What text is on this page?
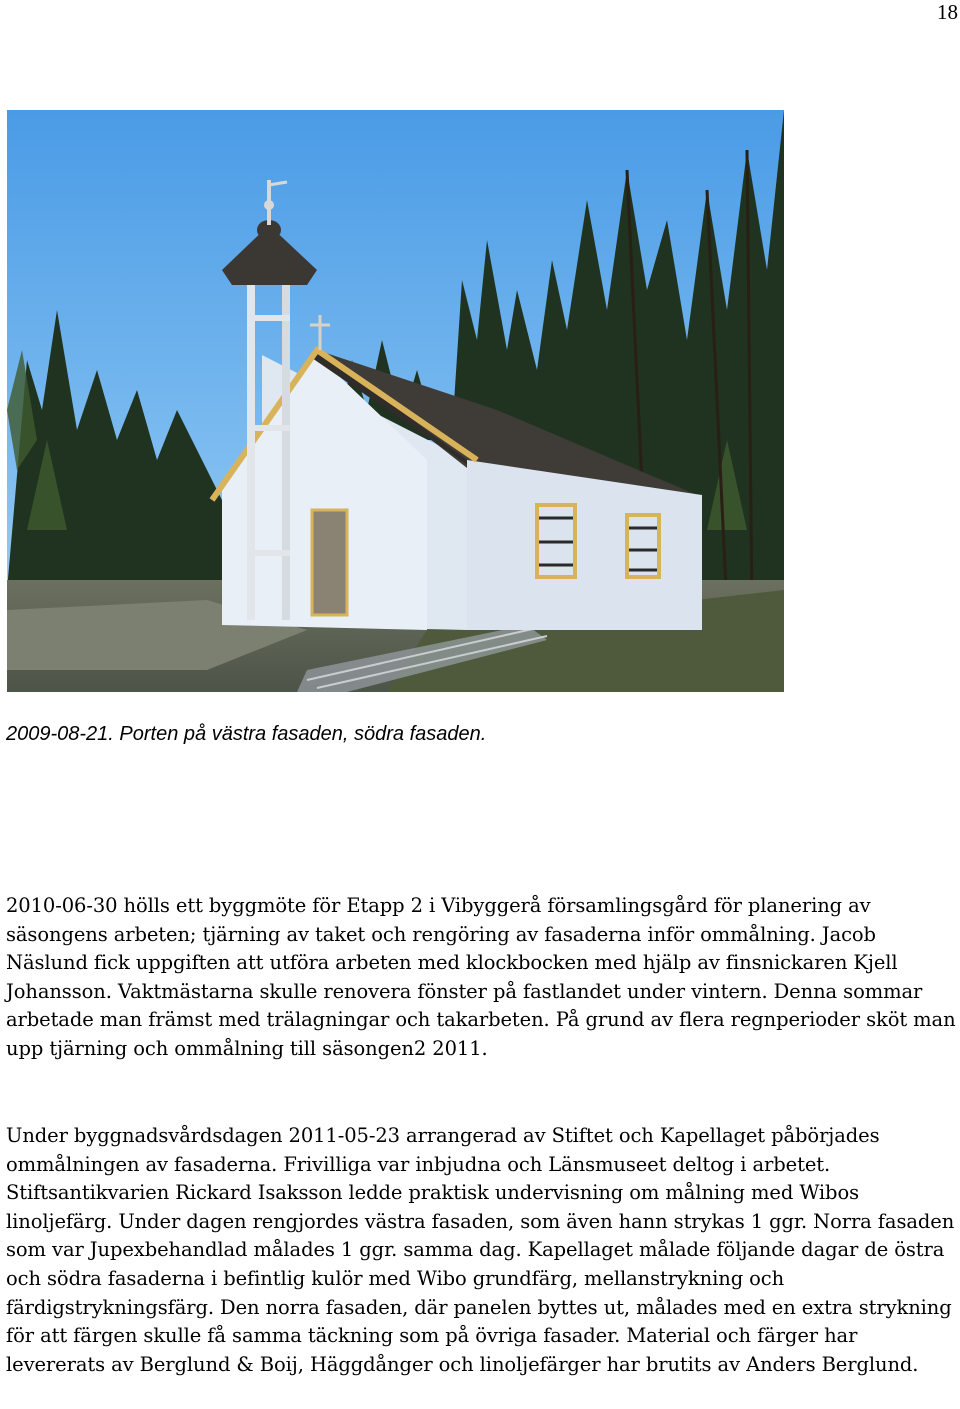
18

2009-08-21. Porten på västra fasaden, södra fasaden.

2010-06-30 hölls ett byggmöte för Etapp 2 i Vibyggerå församlingsgård för planering av säsongens arbeten; tjärning av taket och rengöring av fasaderna inför ommålning. Jacob Näslund fick uppgiften att utföra arbeten med klockbocken med hjälp av finsnickaren Kjell Johansson. Vaktmästarna skulle renovera fönster på fastlandet under vintern. Denna sommar arbetade man främst med trälagningar och takarbeten. På grund av flera regnperioder sköt man upp tjärning och ommålning till säsongen2 2011.

Under byggnadsvårdsdagen 2011-05-23 arrangerad av Stiftet och Kapellaget påbörjades ommålningen av fasaderna. Frivilliga var inbjudna och Länsmuseet deltog i arbetet. Stiftsantikvarien Rickard Isaksson ledde praktisk undervisning om målning med Wibos linoljefärg. Under dagen rengjordes västra fasaden, som även hann strykas 1 ggr. Norra fasaden som var Jupexbehandlad målades 1 ggr. samma dag. Kapellaget målade följande dagar de östra och södra fasaderna i befintlig kulör med Wibo grundfärg, mellanstrykning och färdigstrykningsfärg. Den norra fasaden, där panelen byttes ut, målades med en extra strykning för att färgen skulle få samma täckning som på övriga fasader. Material och färger har levererats av Berglund & Boij, Häggdånger och linoljefärger har brutits av Anders Berglund.
